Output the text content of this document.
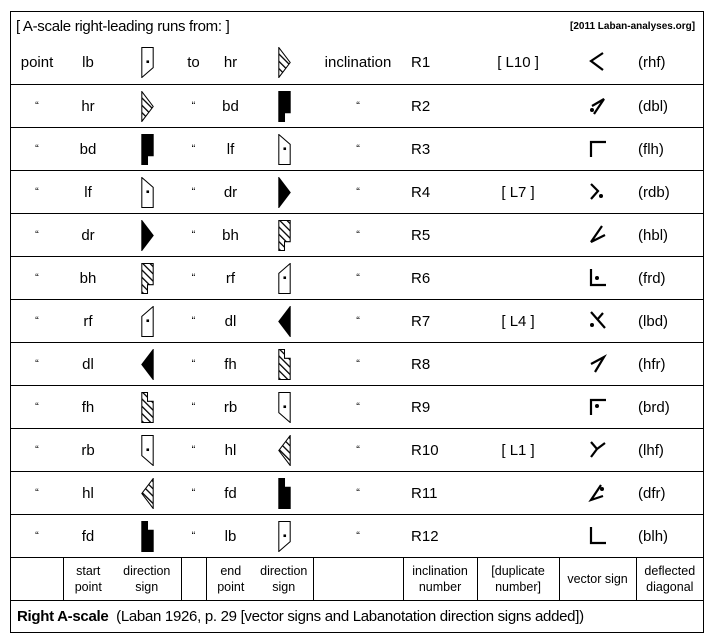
[ A-scale right-leading runs from: ]							[2011 Laban-analyses.org]			
point	lb		to	hr		inclination	R1	[ L10 ]		(rhf)
“	hr		“	bd		“	R2			(dbl)
“	bd		“	lf		“	R3			(flh)
“	lf		“	dr		“	R4	[ L7 ]		(rdb)
“	dr		“	bh		“	R5			(hbl)
“	bh		“	rf		“	R6			(frd)
“	rf		“	dl		“	R7	[ L4 ]		(lbd)
“	dl		“	fh		“	R8			(hfr)
“	fh		“	rb		“	R9			(brd)
“	rb		“	hl		“	R10	[ L1 ]		(lhf)
“	hl		“	fd		“	R11			(dfr)
“	fd		“	lb		“	R12			(blh)
	start point	direction sign		end point	direction sign		inclination number	[duplicate number]	vector sign	deflected diagonal
Right A-scale (Laban 1926, p. 29 [vector signs and Labanotation direction signs added])
